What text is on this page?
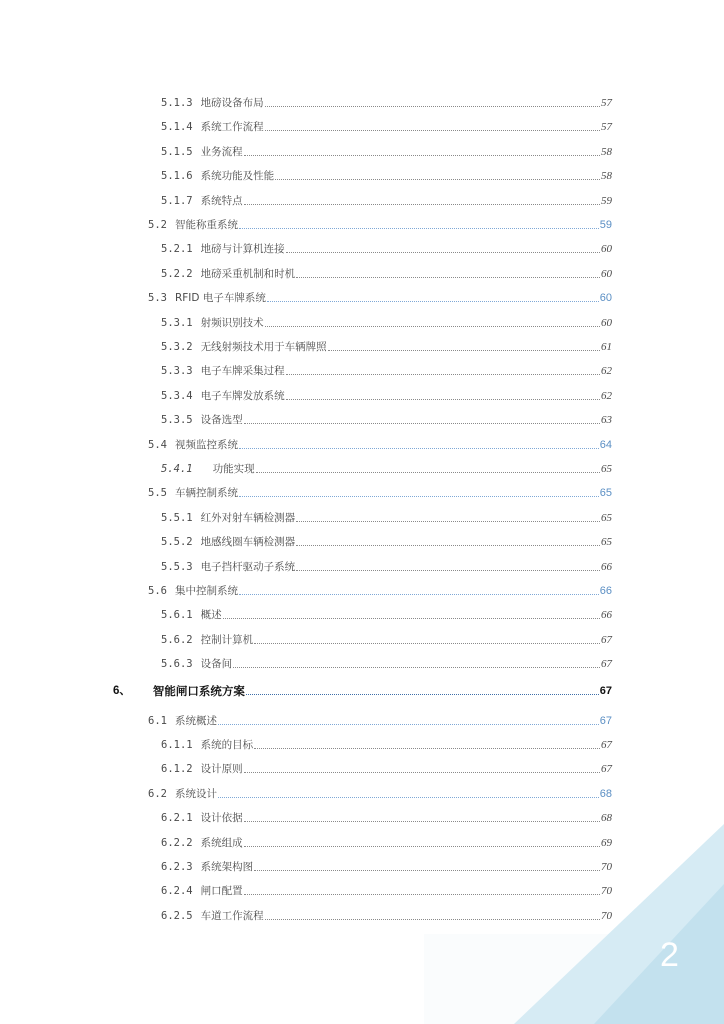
2
5.1.3 地磅设备布局	57
5.1.4 系统工作流程	57
5.1.5 业务流程	58
5.1.6 系统功能及性能	58
5.1.7 系统特点	59
5.2 智能称重系统	59
5.2.1 地磅与计算机连接	60
5.2.2 地磅采重机制和时机	60
5.3 RFID 电子车牌系统	60
5.3.1 射频识别技术	60
5.3.2 无线射频技术用于车辆牌照	61
5.3.3 电子车牌采集过程	62
5.3.4 电子车牌发放系统	62
5.3.5 设备选型	63
5.4 视频监控系统	64
5.4.1 功能实现	65
5.5 车辆控制系统	65
5.5.1 红外对射车辆检测器	65
5.5.2 地感线圈车辆检测器	65
5.5.3 电子挡杆驱动子系统	66
5.6 集中控制系统	66
5.6.1 概述	66
5.6.2 控制计算机	67
5.6.3 设备间	67
6、 智能闸口系统方案	67
6.1 系统概述	67
6.1.1 系统的目标	67
6.1.2 设计原则	67
6.2 系统设计	68
6.2.1 设计依据	68
6.2.2 系统组成	69
6.2.3 系统架构图	70
6.2.4 闸口配置	70
6.2.5 车道工作流程	70
